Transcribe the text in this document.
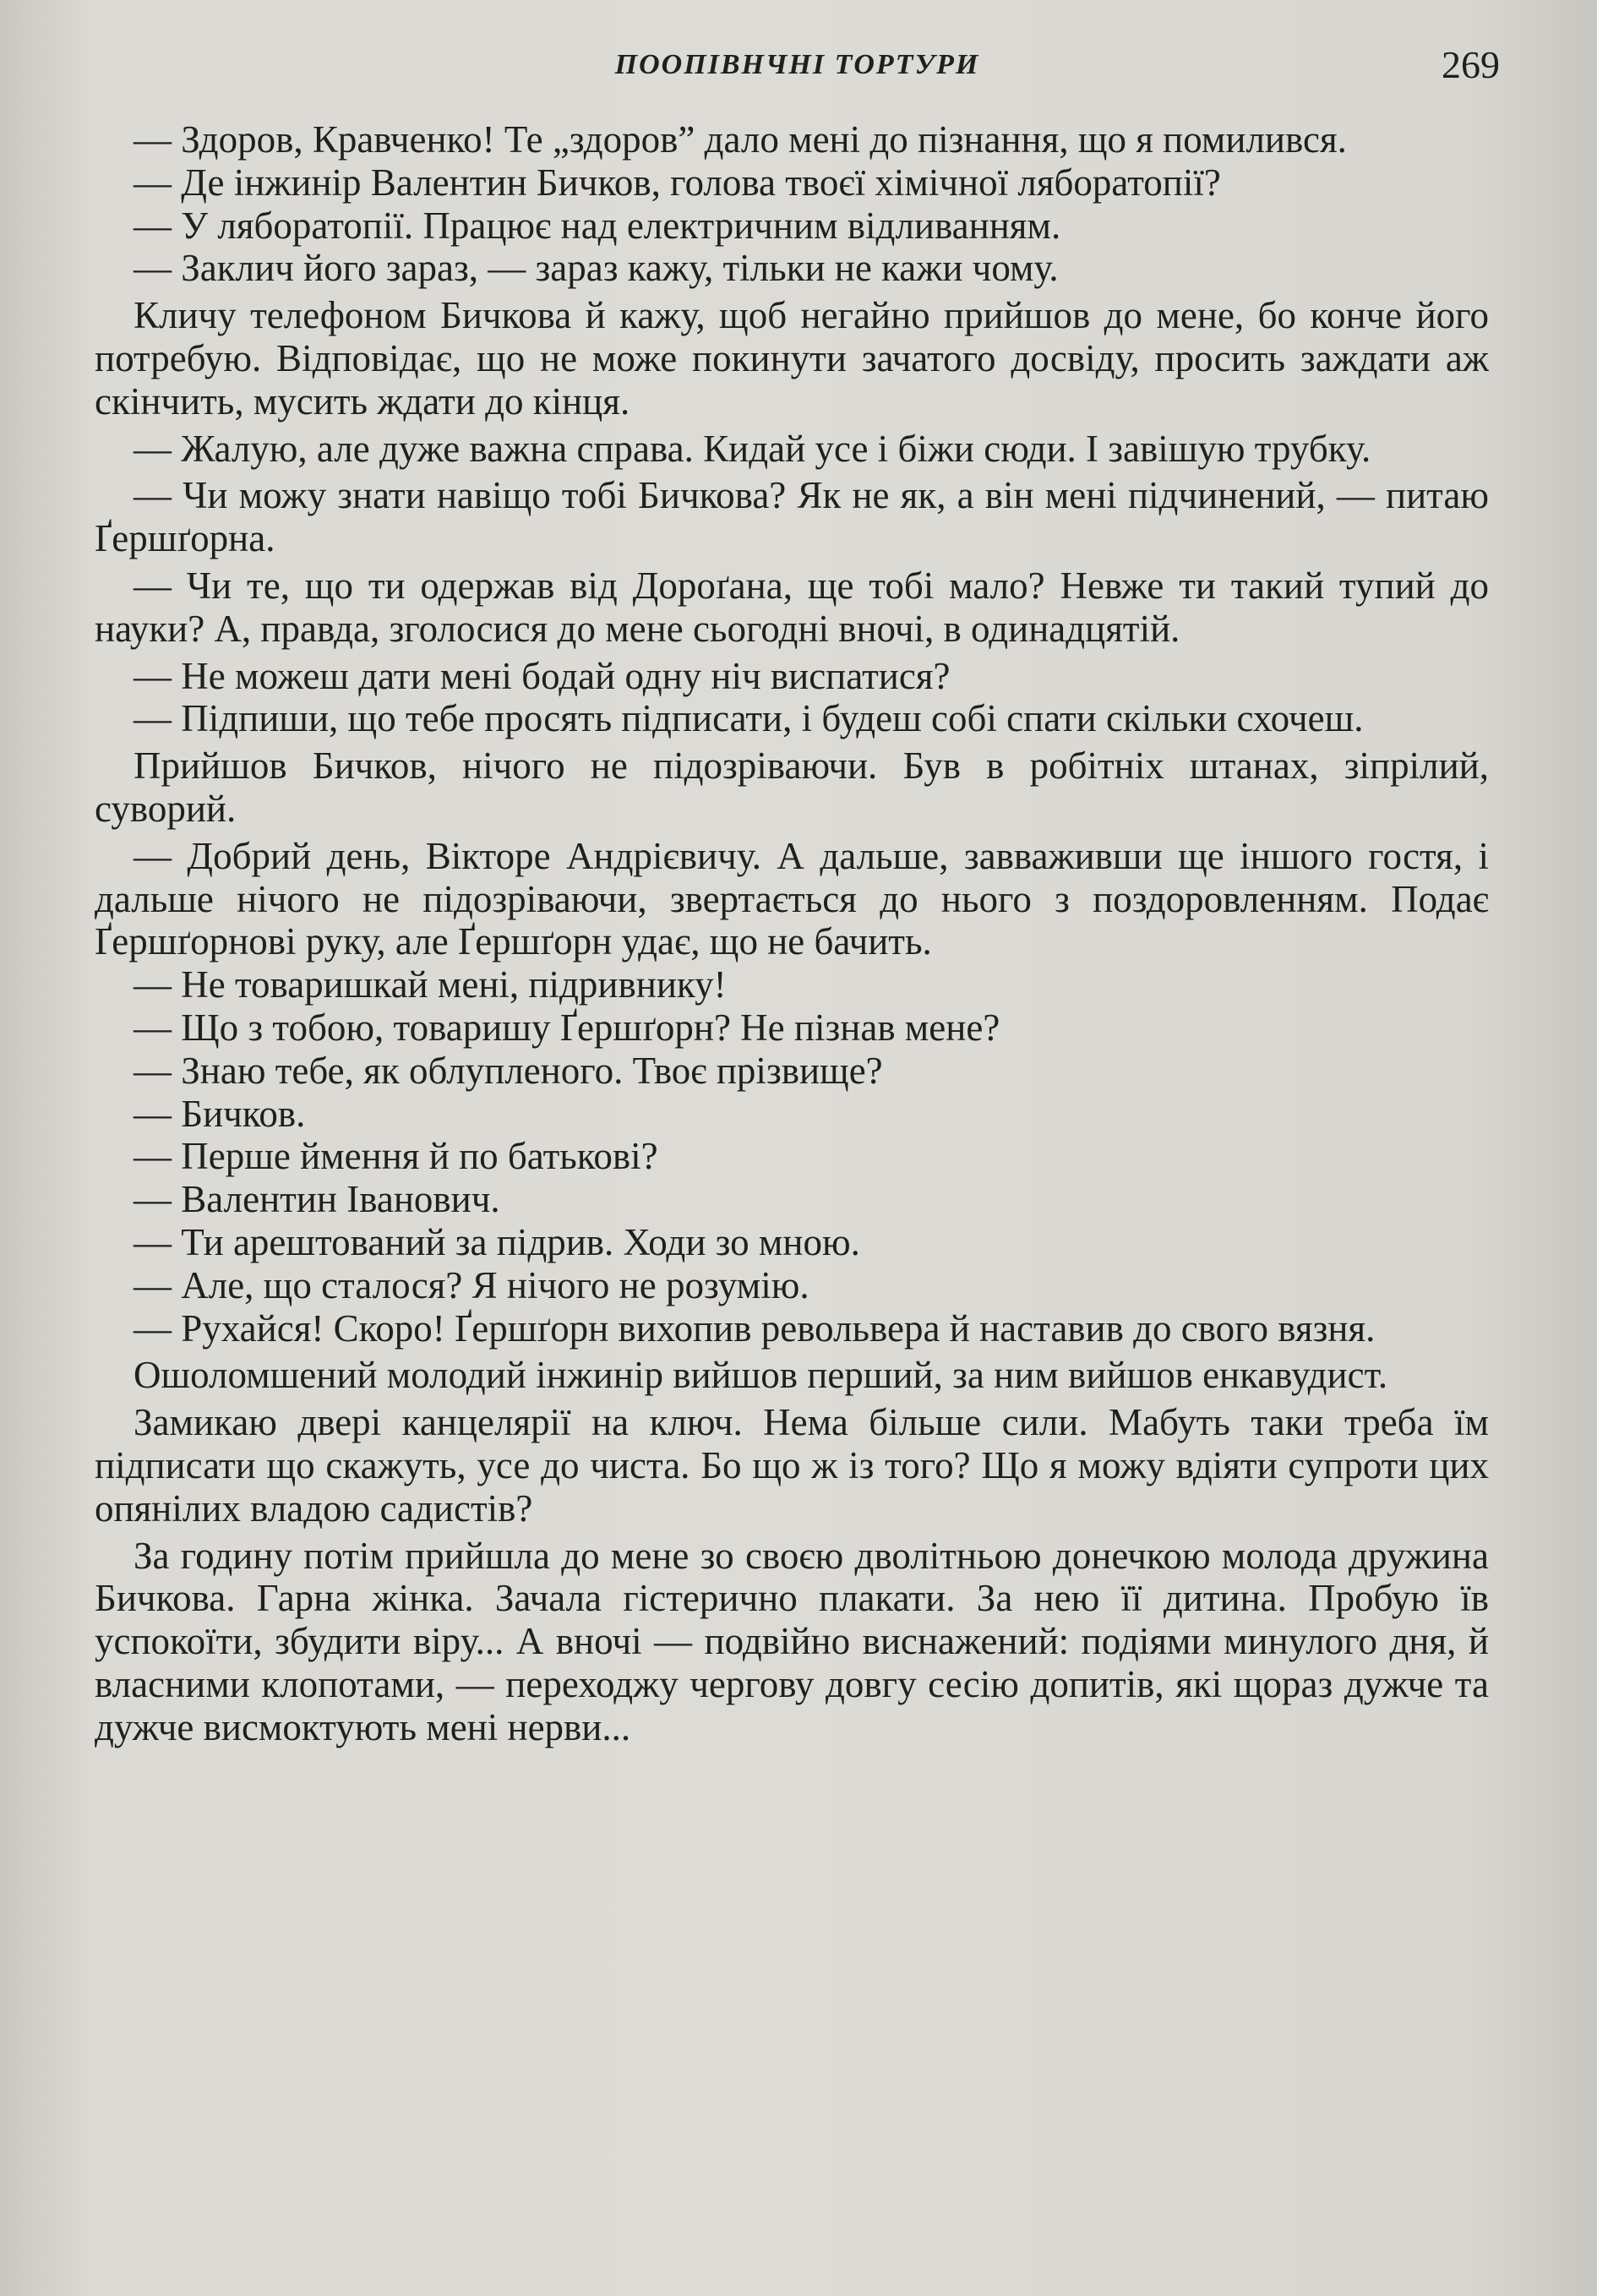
ПООПІВНЧНІ ТОРТУРИ	269

— Здоров, Кравченко! Те „здоров” дало мені до пізнання, що я помилився.

— Де інжинір Валентин Бичков, голова твоєї хімічної ляборатопії?

— У ляборатопії. Працює над електричним відливанням.

— Заклич його зараз, — зараз кажу, тільки не кажи чому.

Кличу телефоном Бичкова й кажу, щоб негайно прийшов до мене, бо конче його потребую. Відповідає, що не може покинути зачатого досвіду, просить заждати аж скінчить, мусить ждати до кінця.

— Жалую, але дуже важна справа. Кидай усе і біжи сюди. І завішую трубку.

— Чи можу знати навіщо тобі Бичкова? Як не як, а він мені підчинений, — питаю Ґершґорна.

— Чи те, що ти одержав від Дороґана, ще тобі мало? Невже ти такий тупий до науки? А, правда, зголосися до мене сьогодні вночі, в одинадцятій.

— Не можеш дати мені бодай одну ніч виспатися?

— Підпиши, що тебе просять підписати, і будеш собі спати скільки схочеш.

Прийшов Бичков, нічого не підозріваючи. Був в робітніх штанах, зіпрілий, суворий.

— Добрий день, Вікторе Андрієвичу. А дальше, завваживши ще іншого гостя, і дальше нічого не підозріваючи, звертається до нього з поздоровленням. Подає Ґершґорнові руку, але Ґершґорн удає, що не бачить.

— Не товаришкай мені, підривнику!

— Що з тобою, товаришу Ґершґорн? Не пізнав мене?

— Знаю тебе, як облупленого. Твоє прізвище?

— Бичков.

— Перше ймення й по батькові?

— Валентин Іванович.

— Ти арештований за підрив. Ходи зо мною.

— Але, що сталося? Я нічого не розумію.

— Рухайся! Скоро! Ґершґорн вихопив револьвера й наставив до свого вязня.

Ошоломшений молодий інжинір вийшов перший, за ним вийшов енкавудист.

Замикаю двері канцелярії на ключ. Нема більше сили. Мабуть таки треба їм підписати що скажуть, усе до чиста. Бо що ж із того? Що я можу вдіяти супроти цих опянілих владою садистів?

За годину потім прийшла до мене зо своєю дволітньою донечкою молода дружина Бичкова. Гарна жінка. Зачала гістерично плакати. За нею її дитина. Пробую їв успокоїти, збудити віру... А вночі — подвійно виснажений: подіями минулого дня, й власними клопотами, — переходжу чергову довгу сесію допитів, які щораз дужче та дужче висмоктують мені нерви...
